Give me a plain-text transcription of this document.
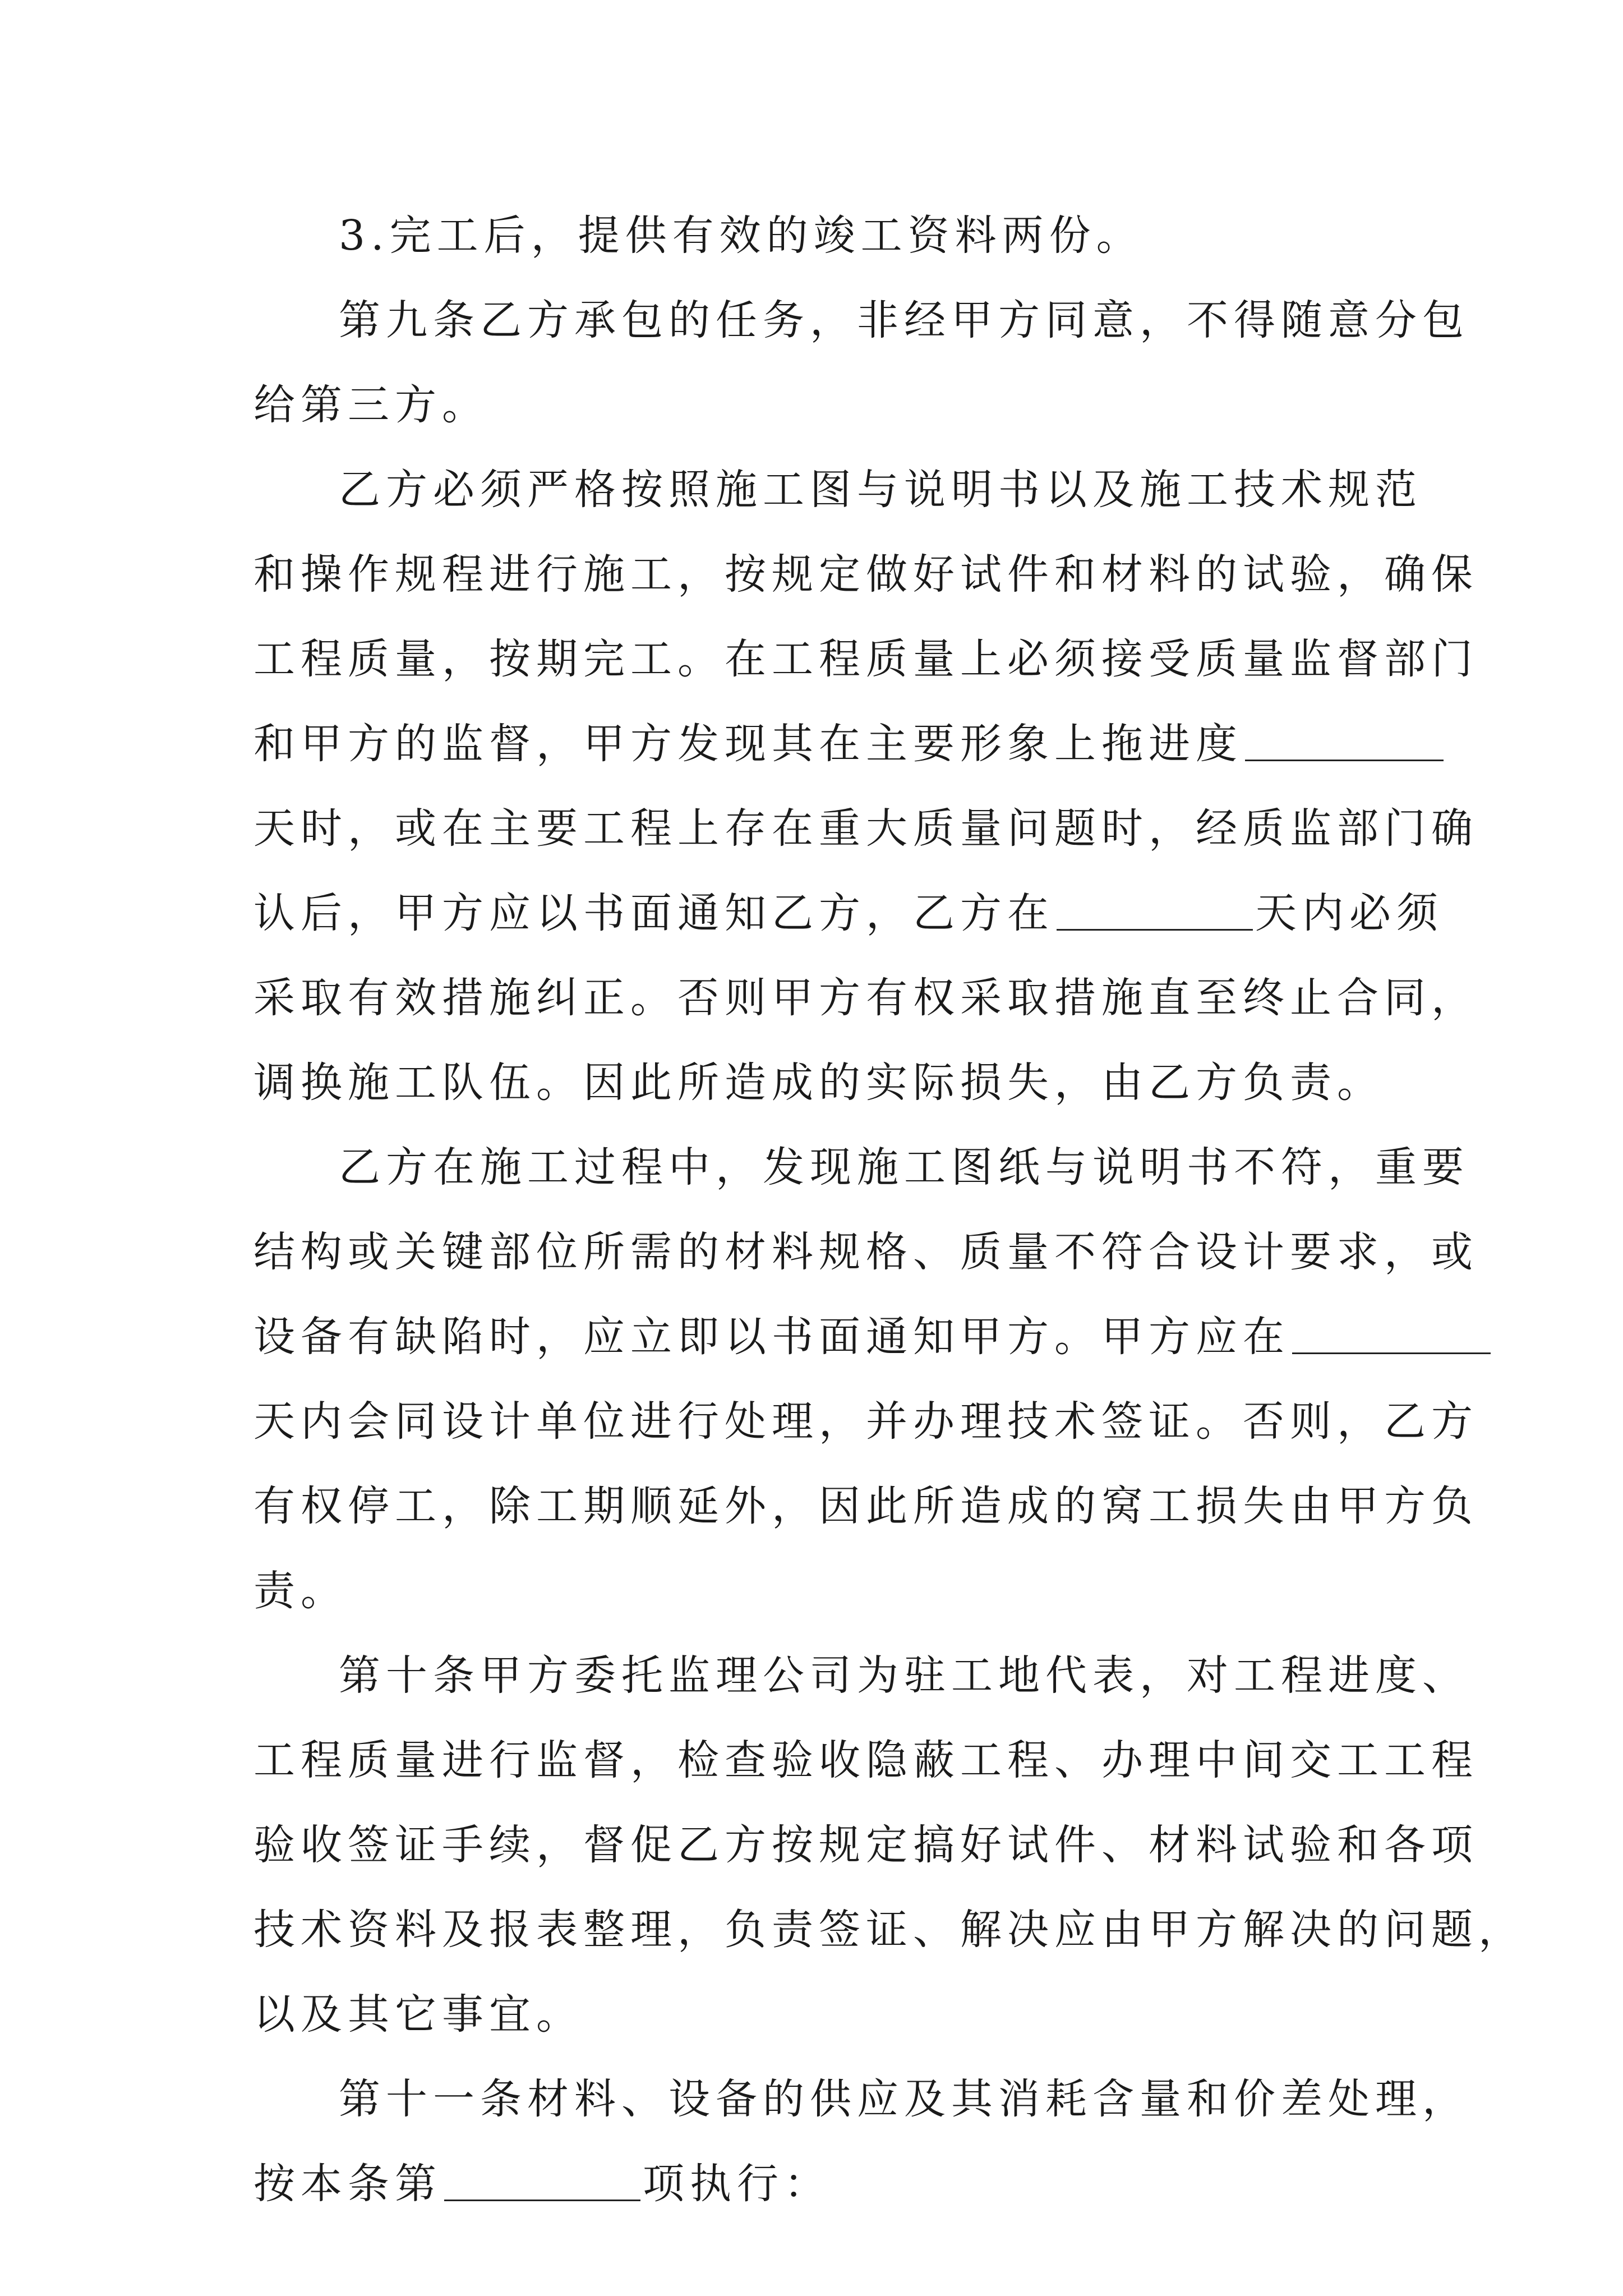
3.完工后，提供有效的竣工资料两份。
第九条乙方承包的任务，非经甲方同意，不得随意分包
给第三方。
乙方必须严格按照施工图与说明书以及施工技术规范
和操作规程进行施工，按规定做好试件和材料的试验，确保
工程质量，按期完工。在工程质量上必须接受质量监督部门
和甲方的监督，甲方发现其在主要形象上拖进度
天时，或在主要工程上存在重大质量问题时，经质监部门确
认后，甲方应以书面通知乙方，乙方在	天内必须
采取有效措施纠正。否则甲方有权采取措施直至终止合同，
调换施工队伍。因此所造成的实际损失，由乙方负责。
乙方在施工过程中，发现施工图纸与说明书不符，重要
结构或关键部位所需的材料规格、质量不符合设计要求，或
设备有缺陷时，应立即以书面通知甲方。甲方应在
天内会同设计单位进行处理，并办理技术签证。否则，乙方
有权停工，除工期顺延外，因此所造成的窝工损失由甲方负
责。
第十条甲方委托监理公司为驻工地代表，对工程进度、
工程质量进行监督，检查验收隐蔽工程、办理中间交工工程
验收签证手续，督促乙方按规定搞好试件、材料试验和各项
技术资料及报表整理，负责签证、解决应由甲方解决的问题，
以及其它事宜。
第十一条材料、设备的供应及其消耗含量和价差处理，
按本条第	项执行：
